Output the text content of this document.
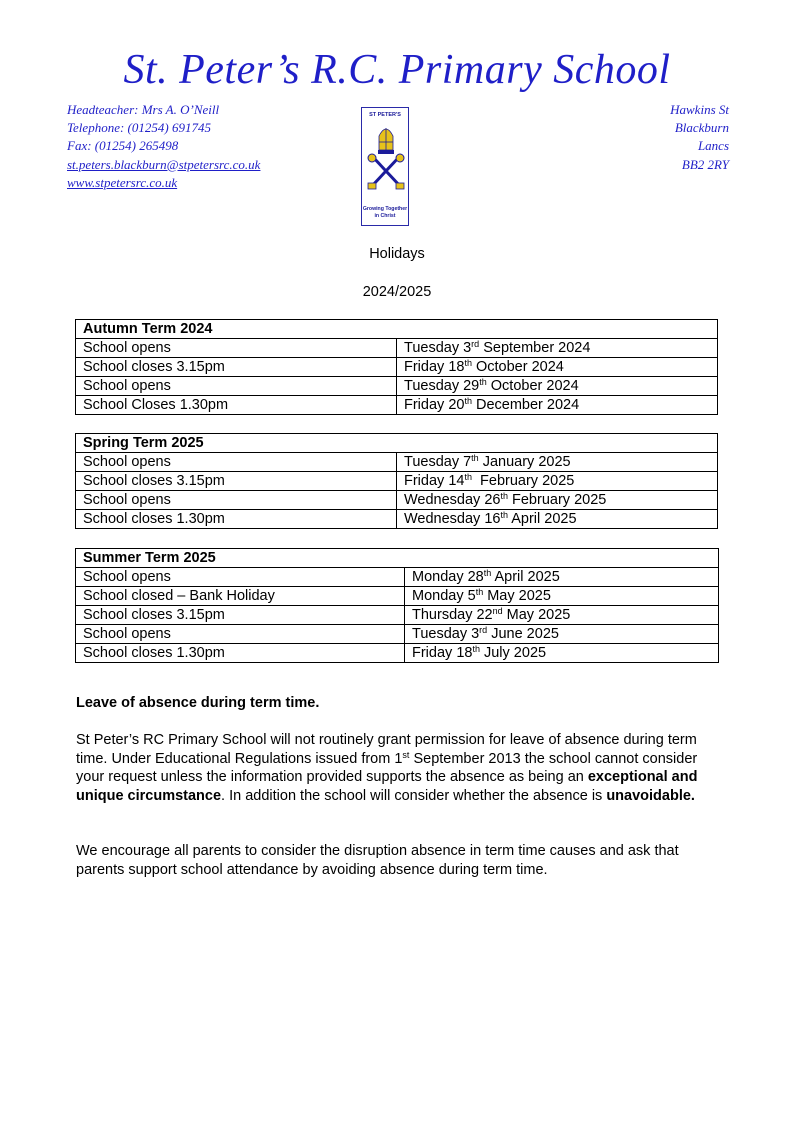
St. Peter’s R.C. Primary School
Headteacher: Mrs A. O’Neill
Telephone: (01254) 691745
Fax: (01254) 265498
st.peters.blackburn@stpetersrc.co.uk
www.stpetersrc.co.uk
Hawkins St
Blackburn
Lancs
BB2 2RY
ST PETER'S
Growing Together
in Christ
Holidays
2024/2025
Autumn Term 2024	
School opens	Tuesday 3rd September 2024
School closes 3.15pm	Friday 18th October 2024
School opens	Tuesday 29th October 2024
School Closes 1.30pm	Friday 20th December 2024
Spring Term 2025	
School opens	Tuesday 7th January 2025
School closes 3.15pm	Friday 14th  February 2025
School opens	Wednesday 26th February 2025
School closes 1.30pm	Wednesday 16th April 2025
Summer Term 2025	
School opens	Monday 28th April 2025
School closed – Bank Holiday	Monday 5th May 2025
School closes 3.15pm	Thursday 22nd May 2025
School opens	Tuesday 3rd June 2025
School closes 1.30pm	Friday 18th July 2025
Leave of absence during term time.
St Peter’s RC Primary School will not routinely grant permission for leave of absence during term time. Under Educational Regulations issued from 1st September 2013 the school cannot consider your request unless the information provided supports the absence as being an exceptional and unique circumstance. In addition the school will consider whether the absence is unavoidable.
We encourage all parents to consider the disruption absence in term time causes and ask that parents support school attendance by avoiding absence during term time.
